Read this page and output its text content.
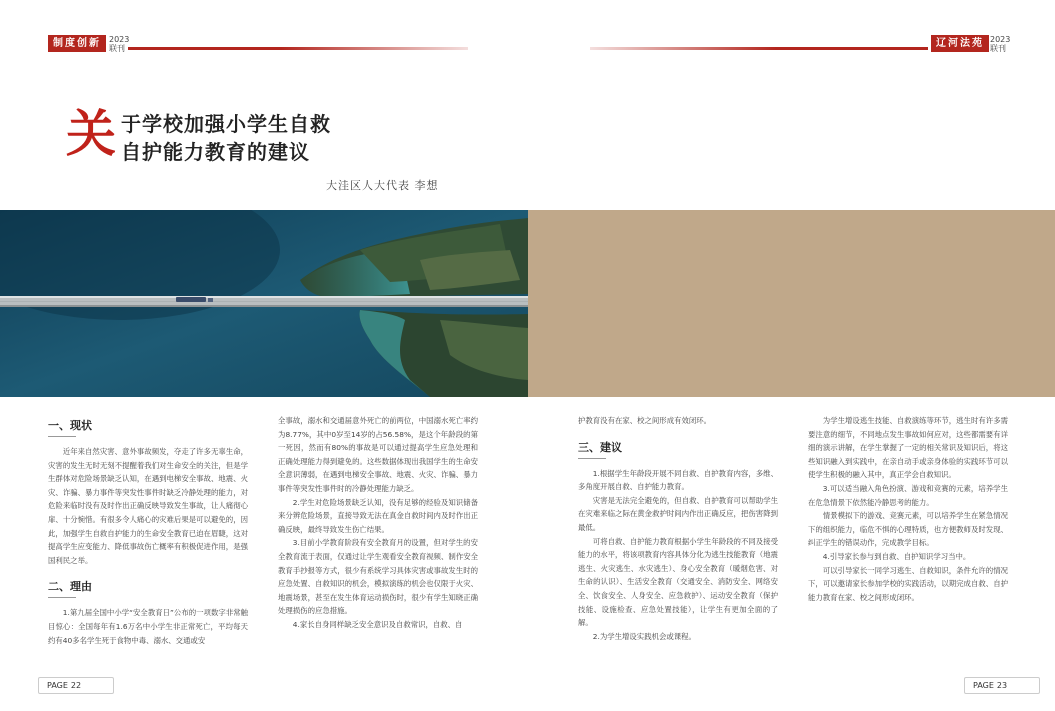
制度创新	2023
联刊	辽河法苑 2023
联刊
关 于学校加强小学生自救
自护能力教育的建议
大洼区人大代表 李想
一、现状

近年来自然灾害、意外事故频发，夺走了许多无辜生命，灾害的发生无时无刻不提醒着我们对生命安全的关注，但是学生群体对危险场景缺乏认知，在遇到电梯安全事故、地震、火灾、诈骗、暴力事件等突发性事件时缺乏冷静处理的能力，对危险来临时没有及时作出正确反映导致发生事故，让人痛彻心扉、十分惋惜。有很多令人痛心的灾难后果是可以避免的，因此，加强学生自救自护能力的生命安全教育已迫在眉睫，这对提高学生应变能力、降低事故伤亡概率有积极促进作用，是强国利民之举。

二、理由

1.第九届全国中小学“安全教育日”公布的一项数字非常触目惊心：全国每年有1.6万名中小学生非正常死亡，平均每天约有40多名学生死于食物中毒、溺水、交通或安

全事故，溺水和交通届意外死亡的前两位，中国溺水死亡率约为8.77%，其中0岁至14岁的占56.58%，是这个年龄段的第一死因，然而有80%的事故是可以通过提高学生应急处理和正确处理能力得到避免的。这些数据体现出我国学生的生命安全意识薄弱，在遇到电梯安全事故、地震、火灾、诈骗、暴力事件等突发性事件时的冷静处理能力缺乏。

2.学生对危险场景缺乏认知，没有足够的经验及知识储备来分辨危险场景，直接导致无法在真金自救时间内及时作出正确反映，最终导致发生伤亡结果。

3.目前小学教育阶段有安全教育月的设置，但对学生的安全教育流于表面，仅通过让学生观看安全教育视频、制作安全教育手抄报等方式，很少有系统学习具体灾害或事故发生时的应急处置、自救知识的机会，模拟演练的机会也仅限于火灾、地震场景，甚至在发生体育运动损伤时，很少有学生知晓正确处理损伤的应急措施。

4.家长自身同样缺乏安全意识及自救常识，自救、自

护教育没有在家、校之间形成有效闭环。

三、建议

1.根据学生年龄段开展不同自救、自护教育内容，多维、多角度开展自救、自护能力教育。

灾害是无法完全避免的，但自救、自护教育可以帮助学生在灾难来临之际在黄金救护时间内作出正确反应，把伤害降到最低。

可将自救、自护能力教育根据小学生年龄段的不同及接受能力的水平，将该项教育内容具体分化为逃生技能教育（地震逃生、火灾逃生、水灾逃生）、身心安全教育（暖烟危害、对生命的认识）、生活安全教育（交通安全、消防安全、网络安全、饮食安全、人身安全、应急救护）、运动安全教育（保护技能、设施检查、应急处置技能），让学生有更加全面的了解。

2.为学生增设实践机会或课程。

为学生增设逃生技能、自救演练等环节，逃生时有许多需要注意的细节，不同地点发生事故如何应对，这些都需要有详细的演示讲解，在学生掌握了一定的相关常识及知识后，将这些知识融入到实践中，在亲自动手或亲身体验的实践环节可以使学生积极的融入其中，真正学会自救知识。

3.可以适当融入角色扮演、游戏和竞赛的元素，培养学生在危急情景下依然能冷静思考的能力。

情景模拟下的游戏、竞赛元素，可以培养学生在紧急情况下的组织能力，临危不惧的心理特质，也方便教师及时发现、纠正学生的错误动作，完成教学目标。

4.引导家长参与到自救、自护知识学习当中。

可以引导家长一同学习逃生、自救知识，条件允许的情况下，可以邀请家长参加学校的实践活动，以期完成自救、自护能力教育在家、校之间形成闭环。

PAGE 22	PAGE 23
